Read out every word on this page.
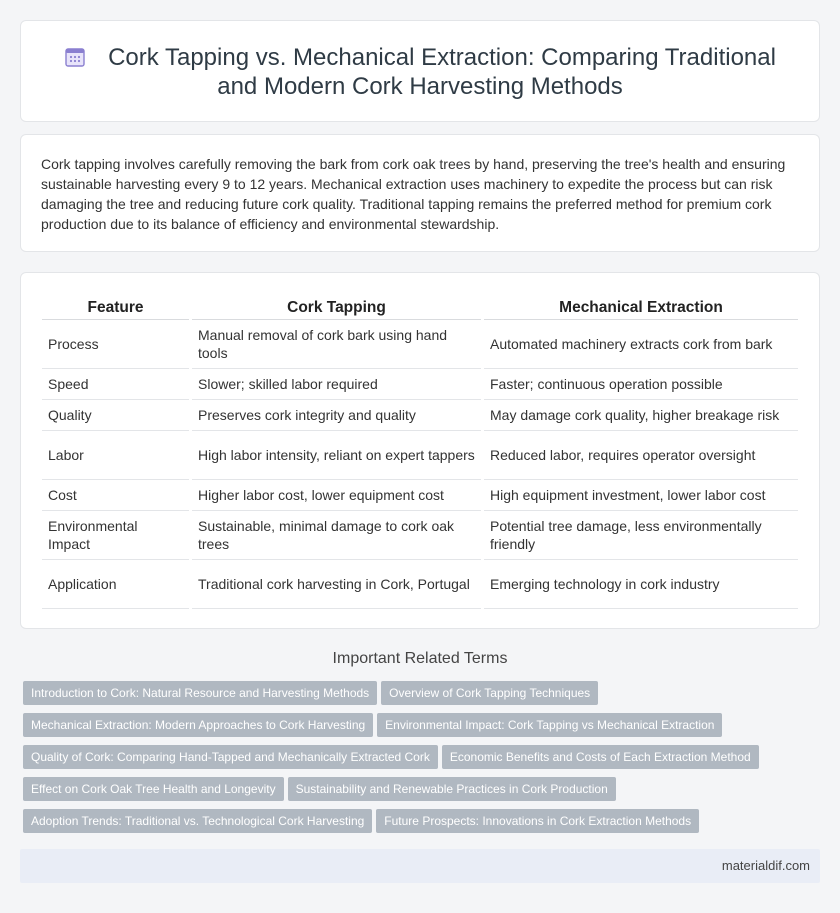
Cork Tapping vs. Mechanical Extraction: Comparing Traditional and Modern Cork Harvesting Methods
Cork tapping involves carefully removing the bark from cork oak trees by hand, preserving the tree's health and ensuring sustainable harvesting every 9 to 12 years. Mechanical extraction uses machinery to expedite the process but can risk damaging the tree and reducing future cork quality. Traditional tapping remains the preferred method for premium cork production due to its balance of efficiency and environmental stewardship.
Feature	Cork Tapping	Mechanical Extraction
Process	Manual removal of cork bark using hand tools	Automated machinery extracts cork from bark
Speed	Slower; skilled labor required	Faster; continuous operation possible
Quality	Preserves cork integrity and quality	May damage cork quality, higher breakage risk
Labor	High labor intensity, reliant on expert tappers	Reduced labor, requires operator oversight
Cost	Higher labor cost, lower equipment cost	High equipment investment, lower labor cost
Environmental Impact	Sustainable, minimal damage to cork oak trees	Potential tree damage, less environmentally friendly
Application	Traditional cork harvesting in Cork, Portugal	Emerging technology in cork industry
Important Related Terms
Introduction to Cork: Natural Resource and Harvesting Methods Overview of Cork Tapping Techniques
Mechanical Extraction: Modern Approaches to Cork Harvesting Environmental Impact: Cork Tapping vs Mechanical Extraction
Quality of Cork: Comparing Hand-Tapped and Mechanically Extracted Cork Economic Benefits and Costs of Each Extraction Method
Effect on Cork Oak Tree Health and Longevity Sustainability and Renewable Practices in Cork Production
Adoption Trends: Traditional vs. Technological Cork Harvesting Future Prospects: Innovations in Cork Extraction Methods
materialdif.com
